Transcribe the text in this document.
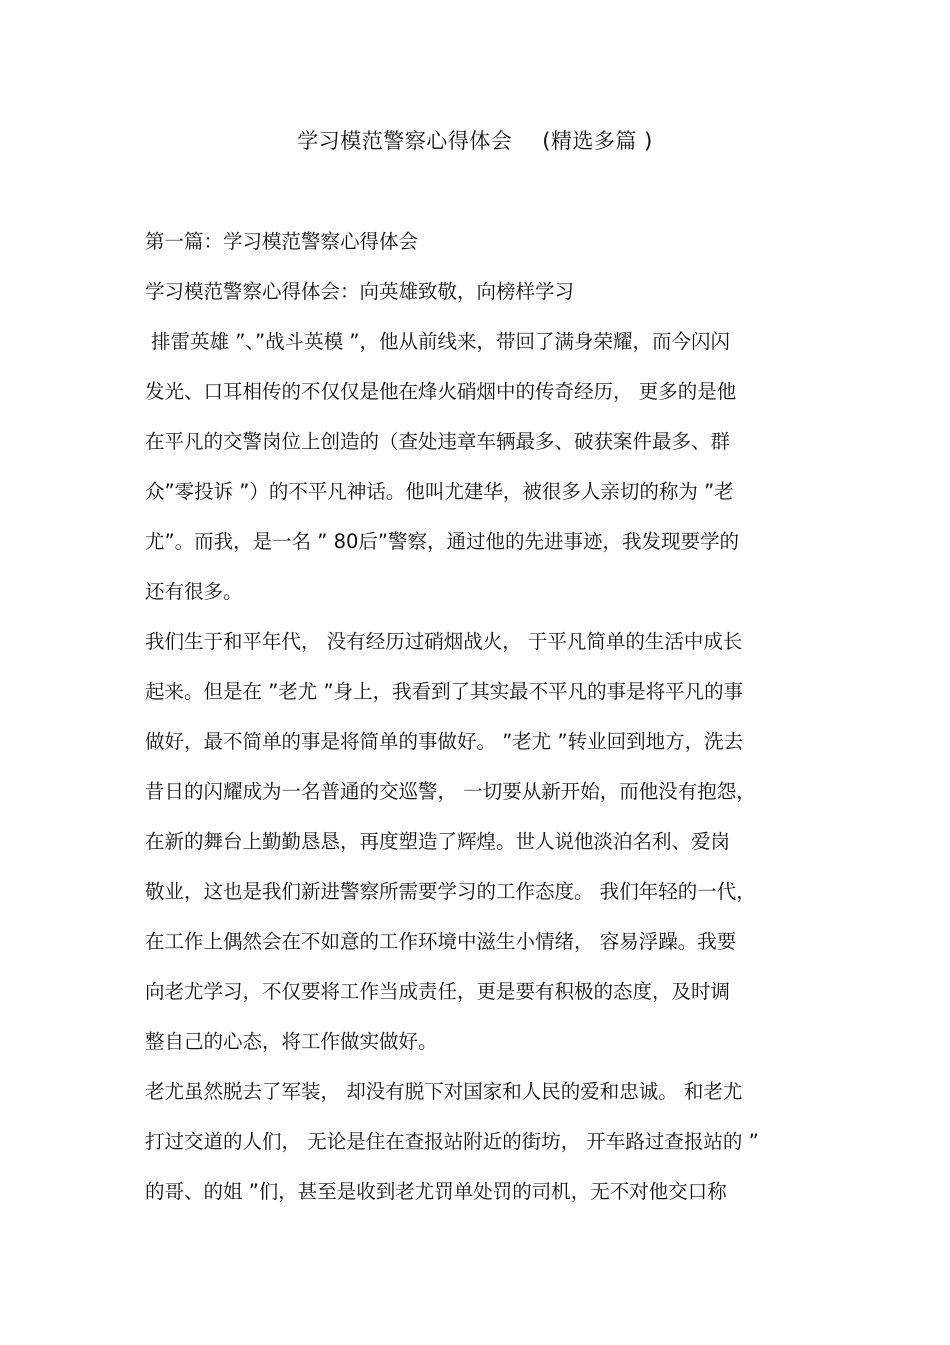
学习模范警察心得体会 (精选多篇 )
第一篇：学习模范警察心得体会
学习模范警察心得体会：向英雄致敬，向榜样学习
排雷英雄 ”、”战斗英模 ”，他从前线来，带回了满身荣耀，而今闪闪
发光、口耳相传的不仅仅是他在烽火硝烟中的传奇经历， 更多的是他
在平凡的交警岗位上创造的（查处违章车辆最多、破获案件最多、群
众”零投诉 ”）的不平凡神话。他叫尤建华，被很多人亲切的称为 ”老
尤”。而我，是一名 ” 80后”警察，通过他的先进事迹，我发现要学的
还有很多。
我们生于和平年代， 没有经历过硝烟战火， 于平凡简单的生活中成长
起来。但是在 ”老尤 ”身上，我看到了其实最不平凡的事是将平凡的事
做好，最不简单的事是将简单的事做好。 ”老尤 ”转业回到地方，洗去
昔日的闪耀成为一名普通的交巡警， 一切要从新开始，而他没有抱怨，
在新的舞台上勤勤恳恳，再度塑造了辉煌。世人说他淡泊名利、爱岗
敬业，这也是我们新进警察所需要学习的工作态度。 我们年轻的一代，
在工作上偶然会在不如意的工作环境中滋生小情绪， 容易浮躁。我要
向老尤学习，不仅要将工作当成责任，更是要有积极的态度，及时调
整自己的心态，将工作做实做好。
老尤虽然脱去了军装， 却没有脱下对国家和人民的爱和忠诚。 和老尤
打过交道的人们， 无论是住在查报站附近的街坊， 开车路过查报站的 ”
的哥、的姐 ”们，甚至是收到老尤罚单处罚的司机，无不对他交口称
